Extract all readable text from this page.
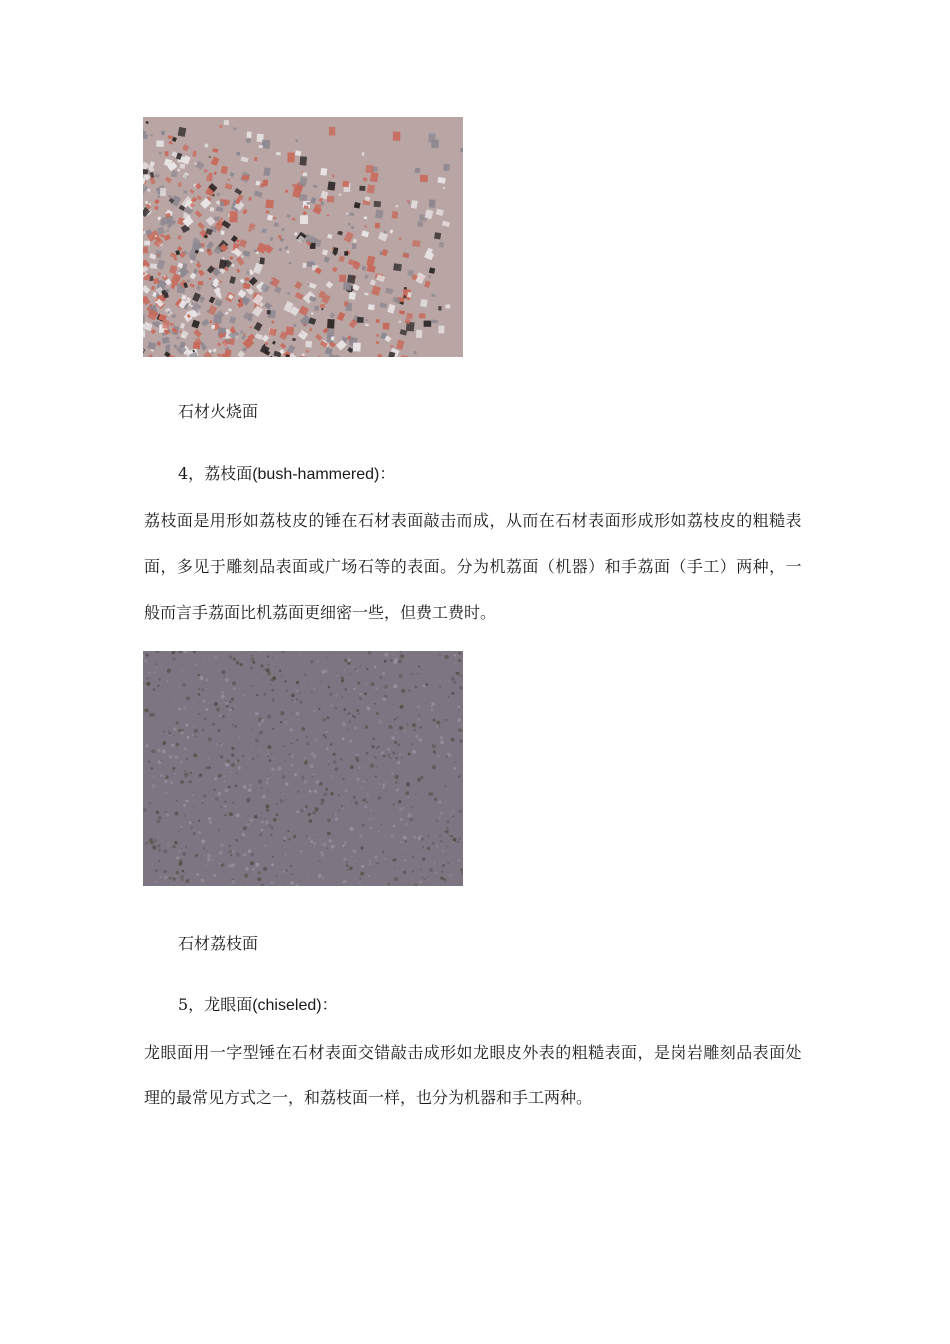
石材火烧面
4，荔枝面(bush-hammered)：
荔枝面是用形如荔枝皮的锤在石材表面敲击而成，从而在石材表面形成形如荔枝皮的粗糙表
面，多见于雕刻品表面或广场石等的表面。分为机荔面（机器）和手荔面（手工）两种，一
般而言手荔面比机荔面更细密一些，但费工费时。
石材荔枝面
5，龙眼面(chiseled)：
龙眼面用一字型锤在石材表面交错敲击成形如龙眼皮外表的粗糙表面，是岗岩雕刻品表面处
理的最常见方式之一，和荔枝面一样，也分为机器和手工两种。
